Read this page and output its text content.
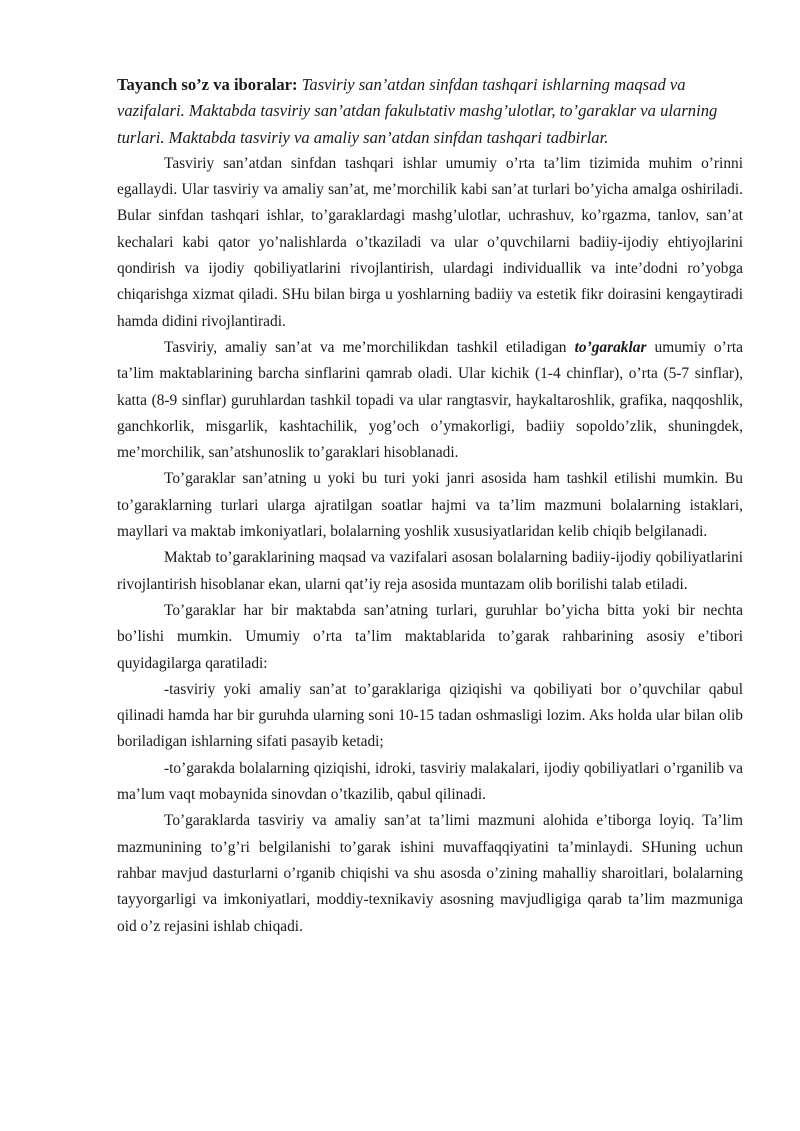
Tayanch so’z va iboralar: Tasviriy san’atdan sinfdan tashqari ishlarning maqsad va vazifalari. Maktabda tasviriy san’atdan fakulьtativ mashg’ulotlar, to’garaklar va ularning turlari. Maktabda tasviriy va amaliy san’atdan sinfdan tashqari tadbirlar.

Tasviriy san’atdan sinfdan tashqari ishlar umumiy o’rta ta’lim tizimida muhim o’rinni egallaydi. Ular tasviriy va amaliy san’at, me’morchilik kabi san’at turlari bo’yicha amalga oshiriladi. Bular sinfdan tashqari ishlar, to’garaklardagi mashg’ulotlar, uchrashuv, ko’rgazma, tanlov, san’at kechalari kabi qator yo’nalishlarda o’tkaziladi va ular o’quvchilarni badiiy-ijodiy ehtiyojlarini qondirish va ijodiy qobiliyatlarini rivojlantirish, ulardagi individuallik va inte’dodni ro’yobga chiqarishga xizmat qiladi. SHu bilan birga u yoshlarning badiiy va estetik fikr doirasini kengaytiradi hamda didini rivojlantiradi.

Tasviriy, amaliy san’at va me’morchilikdan tashkil etiladigan to’garaklar umumiy o’rta ta’lim maktablarining barcha sinflarini qamrab oladi. Ular kichik (1-4 chinflar), o’rta (5-7 sinflar), katta (8-9 sinflar) guruhlardan tashkil topadi va ular rangtasvir, haykaltaroshlik, grafika, naqqoshlik, ganchkorlik, misgarlik, kashtachilik, yog’och o’ymakorligi, badiiy sopoldo’zlik, shuningdek, me’morchilik, san’atshunoslik to’garaklari hisoblanadi.

To’garaklar san’atning u yoki bu turi yoki janri asosida ham tashkil etilishi mumkin. Bu to’garaklarning turlari ularga ajratilgan soatlar hajmi va ta’lim mazmuni bolalarning istaklari, mayllari va maktab imkoniyatlari, bolalarning yoshlik xususiyatlaridan kelib chiqib belgilanadi.

Maktab to’garaklarining maqsad va vazifalari asosan bolalarning badiiy-ijodiy qobiliyatlarini rivojlantirish hisoblanar ekan, ularni qat’iy reja asosida muntazam olib borilishi talab etiladi.

To’garaklar har bir maktabda san’atning turlari, guruhlar bo’yicha bitta yoki bir nechta bo’lishi mumkin. Umumiy o’rta ta’lim maktablarida to’garak rahbarining asosiy e’tibori quyidagilarga qaratiladi:

-tasviriy yoki amaliy san’at to’garaklariga qiziqishi va qobiliyati bor o’quvchilar qabul qilinadi hamda har bir guruhda ularning soni 10-15 tadan oshmasligi lozim. Aks holda ular bilan olib boriladigan ishlarning sifati pasayib ketadi;

-to’garakda bolalarning qiziqishi, idroki, tasviriy malakalari, ijodiy qobiliyatlari o’rganilib va ma’lum vaqt mobaynida sinovdan o’tkazilib, qabul qilinadi.

To’garaklarda tasviriy va amaliy san’at ta’limi mazmuni alohida e’tiborga loyiq. Ta’lim mazmunining to’g’ri belgilanishi to’garak ishini muvaffaqqiyatini ta’minlaydi. SHuning uchun rahbar mavjud dasturlarni o’rganib chiqishi va shu asosda o’zining mahalliy sharoitlari, bolalarning tayyorgarligi va imkoniyatlari, moddiy-texnikaviy asosning mavjudligiga qarab ta’lim mazmuniga oid o’z rejasini ishlab chiqadi.
